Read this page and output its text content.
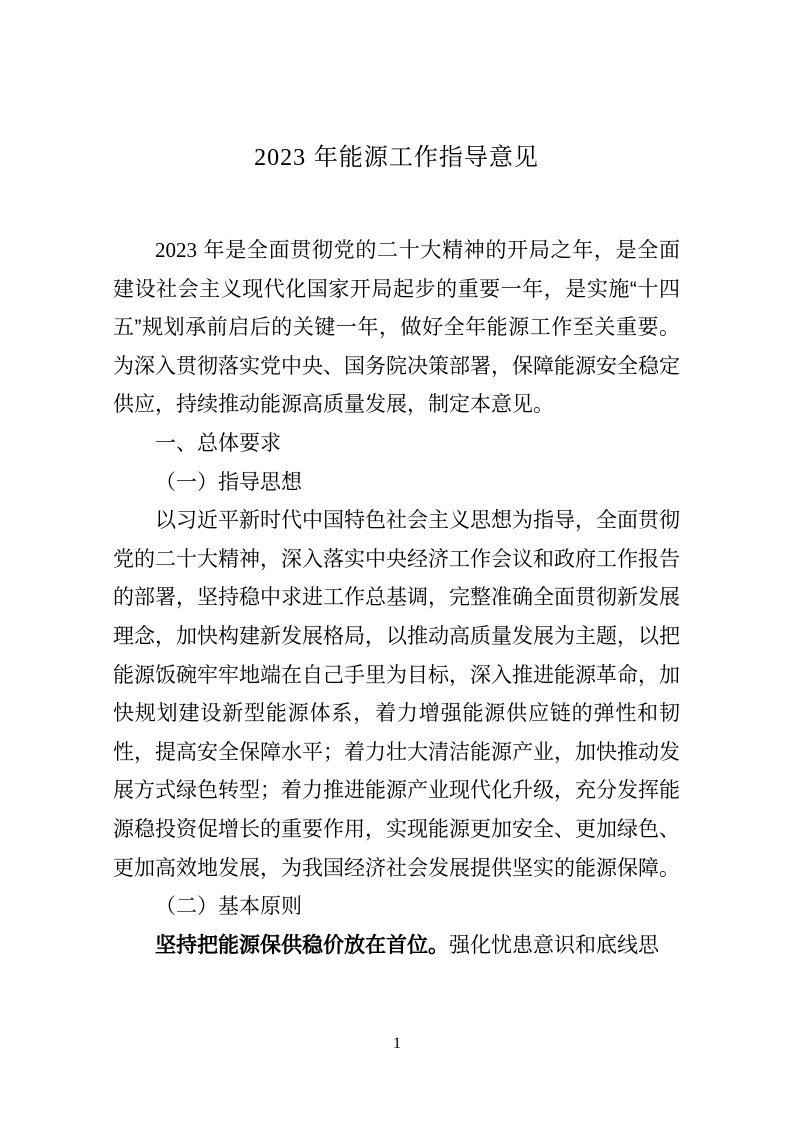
2023 年能源工作指导意见

2023 年是全面贯彻党的二十大精神的开局之年，是全面建设社会主义现代化国家开局起步的重要一年，是实施“十四五”规划承前启后的关键一年，做好全年能源工作至关重要。为深入贯彻落实党中央、国务院决策部署，保障能源安全稳定供应，持续推动能源高质量发展，制定本意见。

一、总体要求

（一）指导思想

以习近平新时代中国特色社会主义思想为指导，全面贯彻党的二十大精神，深入落实中央经济工作会议和政府工作报告的部署，坚持稳中求进工作总基调，完整准确全面贯彻新发展理念，加快构建新发展格局，以推动高质量发展为主题，以把能源饭碗牢牢地端在自己手里为目标，深入推进能源革命，加快规划建设新型能源体系，着力增强能源供应链的弹性和韧性，提高安全保障水平；着力壮大清洁能源产业，加快推动发展方式绿色转型；着力推进能源产业现代化升级，充分发挥能源稳投资促增长的重要作用，实现能源更加安全、更加绿色、更加高效地发展，为我国经济社会发展提供坚实的能源保障。

（二）基本原则

坚持把能源保供稳价放在首位。强化忧患意识和底线思

1
